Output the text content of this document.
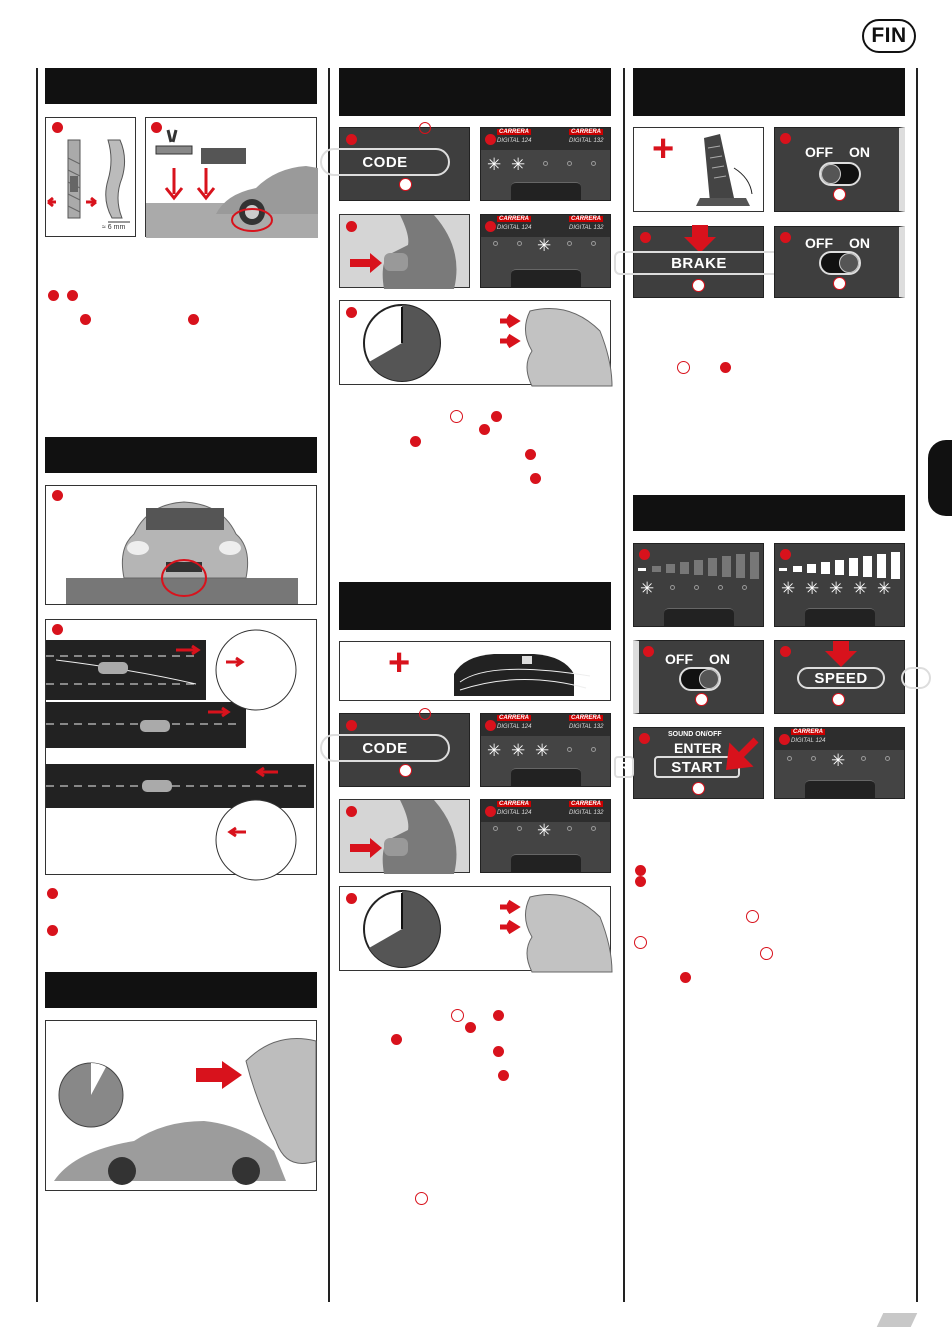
FIN
≈ 6 mm
CODE
CARRERA	CARRERA
DIGITAL 124	DIGITAL 132
✳ ✳
CARRERA	CARRERA
DIGITAL 124	DIGITAL 132
✳
+
CODE
CARRERA	CARRERA
DIGITAL 124	DIGITAL 132
✳ ✳ ✳
CARRERA	CARRERA
DIGITAL 124	DIGITAL 132
✳
+	OFF ON
BRAKE
OFF ON
✳	✳ ✳ ✳ ✳ ✳
OFF ON
SPEED
SOUND ON/OFF
ENTER
R	START
CARRERA
DIGITAL 124
✳
